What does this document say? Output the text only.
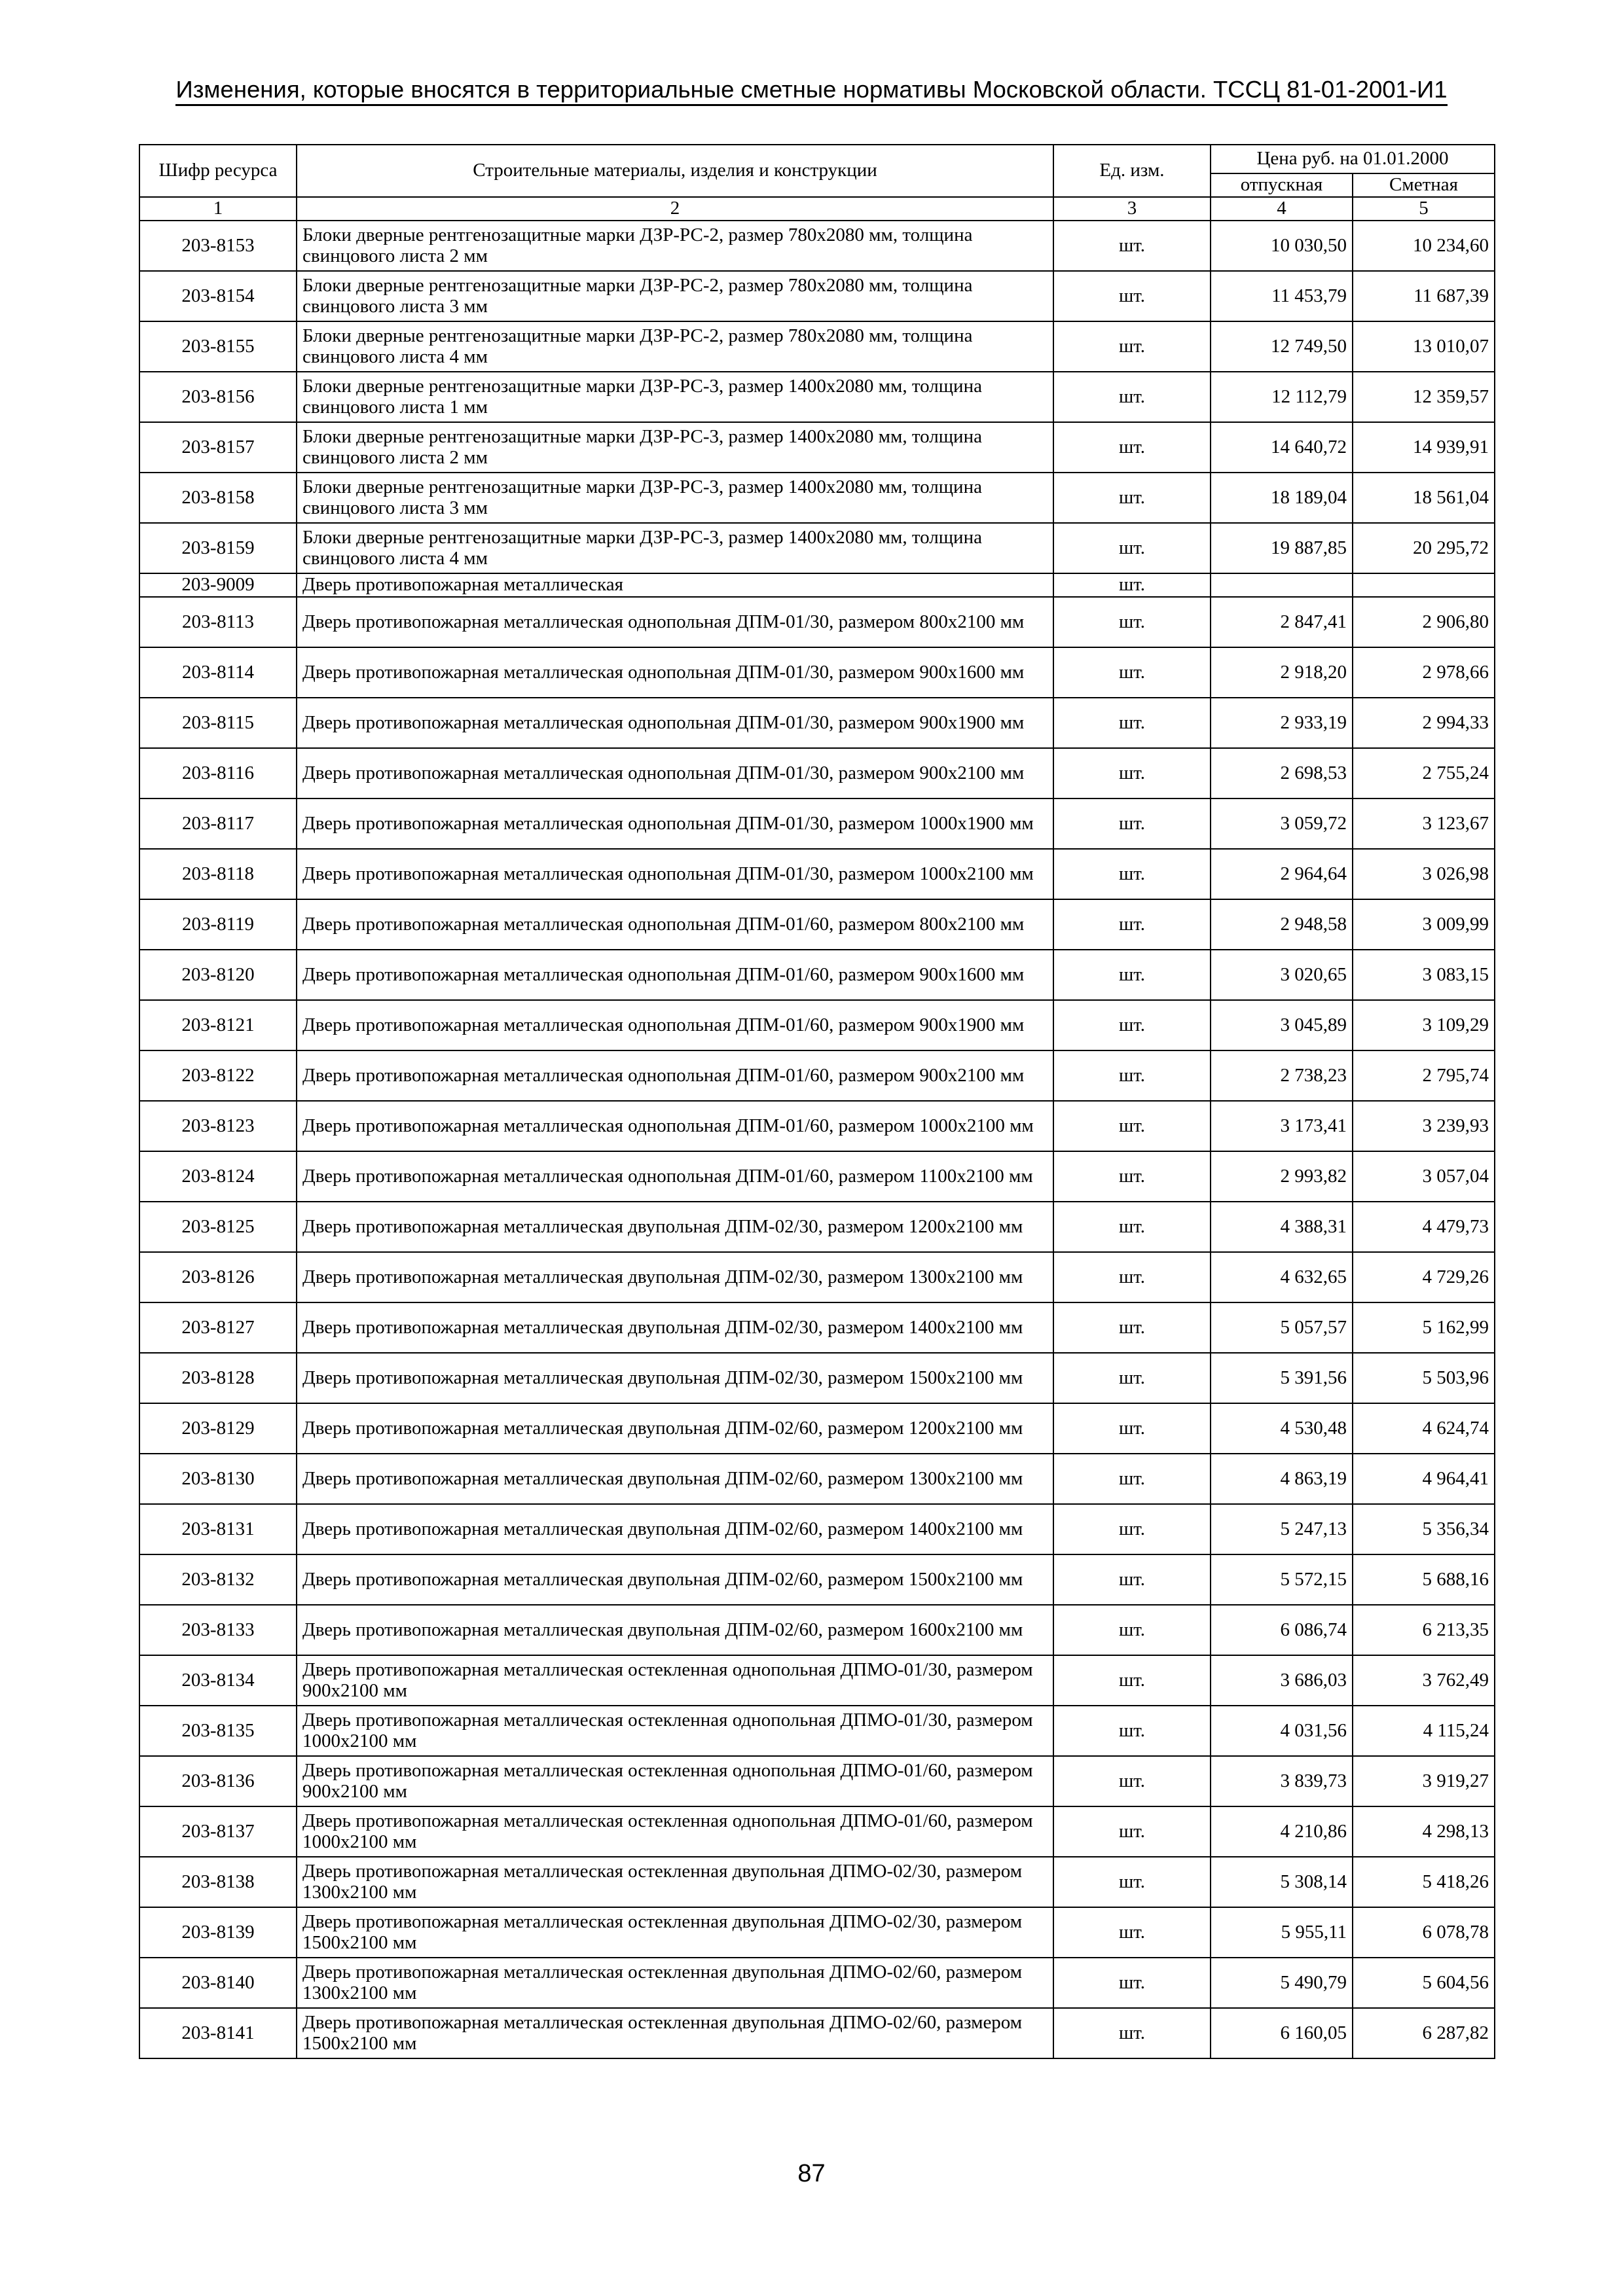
Изменения, которые вносятся в территориальные сметные нормативы Московской области. ТССЦ 81-01-2001-И1
Шифр ресурса	Строительные материалы, изделия и конструкции	Ед. изм.	Цена руб. на 01.01.2000	
			отпускная	Сметная
1	2	3	4	5
203-8153	Блоки дверные рентгенозащитные марки ДЗР-РС-2, размер 780х2080 мм, толщина свинцового листа 2 мм	шт.	10 030,50	10 234,60
203-8154	Блоки дверные рентгенозащитные марки ДЗР-РС-2, размер 780х2080 мм, толщина свинцового листа 3 мм	шт.	11 453,79	11 687,39
203-8155	Блоки дверные рентгенозащитные марки ДЗР-РС-2, размер 780х2080 мм, толщина свинцового листа 4 мм	шт.	12 749,50	13 010,07
203-8156	Блоки дверные рентгенозащитные марки ДЗР-РС-3, размер 1400х2080 мм, толщина свинцового листа 1 мм	шт.	12 112,79	12 359,57
203-8157	Блоки дверные рентгенозащитные марки ДЗР-РС-3, размер 1400х2080 мм, толщина свинцового листа 2 мм	шт.	14 640,72	14 939,91
203-8158	Блоки дверные рентгенозащитные марки ДЗР-РС-3, размер 1400х2080 мм, толщина свинцового листа 3 мм	шт.	18 189,04	18 561,04
203-8159	Блоки дверные рентгенозащитные марки ДЗР-РС-3, размер 1400х2080 мм, толщина свинцового листа 4 мм	шт.	19 887,85	20 295,72
203-9009	Дверь противопожарная металлическая	шт.		
203-8113	Дверь противопожарная металлическая однопольная ДПМ-01/30, размером 800х2100 мм	шт.	2 847,41	2 906,80
203-8114	Дверь противопожарная металлическая однопольная ДПМ-01/30, размером 900х1600 мм	шт.	2 918,20	2 978,66
203-8115	Дверь противопожарная металлическая однопольная ДПМ-01/30, размером 900х1900 мм	шт.	2 933,19	2 994,33
203-8116	Дверь противопожарная металлическая однопольная ДПМ-01/30, размером 900х2100 мм	шт.	2 698,53	2 755,24
203-8117	Дверь противопожарная металлическая однопольная ДПМ-01/30, размером 1000х1900 мм	шт.	3 059,72	3 123,67
203-8118	Дверь противопожарная металлическая однопольная ДПМ-01/30, размером 1000х2100 мм	шт.	2 964,64	3 026,98
203-8119	Дверь противопожарная металлическая однопольная ДПМ-01/60, размером 800х2100 мм	шт.	2 948,58	3 009,99
203-8120	Дверь противопожарная металлическая однопольная ДПМ-01/60, размером 900х1600 мм	шт.	3 020,65	3 083,15
203-8121	Дверь противопожарная металлическая однопольная ДПМ-01/60, размером 900х1900 мм	шт.	3 045,89	3 109,29
203-8122	Дверь противопожарная металлическая однопольная ДПМ-01/60, размером 900х2100 мм	шт.	2 738,23	2 795,74
203-8123	Дверь противопожарная металлическая однопольная ДПМ-01/60, размером 1000х2100 мм	шт.	3 173,41	3 239,93
203-8124	Дверь противопожарная металлическая однопольная ДПМ-01/60, размером 1100х2100 мм	шт.	2 993,82	3 057,04
203-8125	Дверь противопожарная металлическая двупольная ДПМ-02/30, размером 1200х2100 мм	шт.	4 388,31	4 479,73
203-8126	Дверь противопожарная металлическая двупольная ДПМ-02/30, размером 1300х2100 мм	шт.	4 632,65	4 729,26
203-8127	Дверь противопожарная металлическая двупольная ДПМ-02/30, размером 1400х2100 мм	шт.	5 057,57	5 162,99
203-8128	Дверь противопожарная металлическая двупольная ДПМ-02/30, размером 1500х2100 мм	шт.	5 391,56	5 503,96
203-8129	Дверь противопожарная металлическая двупольная ДПМ-02/60, размером 1200х2100 мм	шт.	4 530,48	4 624,74
203-8130	Дверь противопожарная металлическая двупольная ДПМ-02/60, размером 1300х2100 мм	шт.	4 863,19	4 964,41
203-8131	Дверь противопожарная металлическая двупольная ДПМ-02/60, размером 1400х2100 мм	шт.	5 247,13	5 356,34
203-8132	Дверь противопожарная металлическая двупольная ДПМ-02/60, размером 1500х2100 мм	шт.	5 572,15	5 688,16
203-8133	Дверь противопожарная металлическая двупольная ДПМ-02/60, размером 1600х2100 мм	шт.	6 086,74	6 213,35
203-8134	Дверь противопожарная металлическая остекленная однопольная ДПМО-01/30, размером 900х2100 мм	шт.	3 686,03	3 762,49
203-8135	Дверь противопожарная металлическая остекленная однопольная ДПМО-01/30, размером 1000х2100 мм	шт.	4 031,56	4 115,24
203-8136	Дверь противопожарная металлическая остекленная однопольная ДПМО-01/60, размером 900х2100 мм	шт.	3 839,73	3 919,27
203-8137	Дверь противопожарная металлическая остекленная однопольная ДПМО-01/60, размером 1000х2100 мм	шт.	4 210,86	4 298,13
203-8138	Дверь противопожарная металлическая остекленная двупольная ДПМО-02/30, размером 1300х2100 мм	шт.	5 308,14	5 418,26
203-8139	Дверь противопожарная металлическая остекленная двупольная ДПМО-02/30, размером 1500х2100 мм	шт.	5 955,11	6 078,78
203-8140	Дверь противопожарная металлическая остекленная двупольная ДПМО-02/60, размером 1300х2100 мм	шт.	5 490,79	5 604,56
203-8141	Дверь противопожарная металлическая остекленная двупольная ДПМО-02/60, размером 1500х2100 мм	шт.	6 160,05	6 287,82
87
